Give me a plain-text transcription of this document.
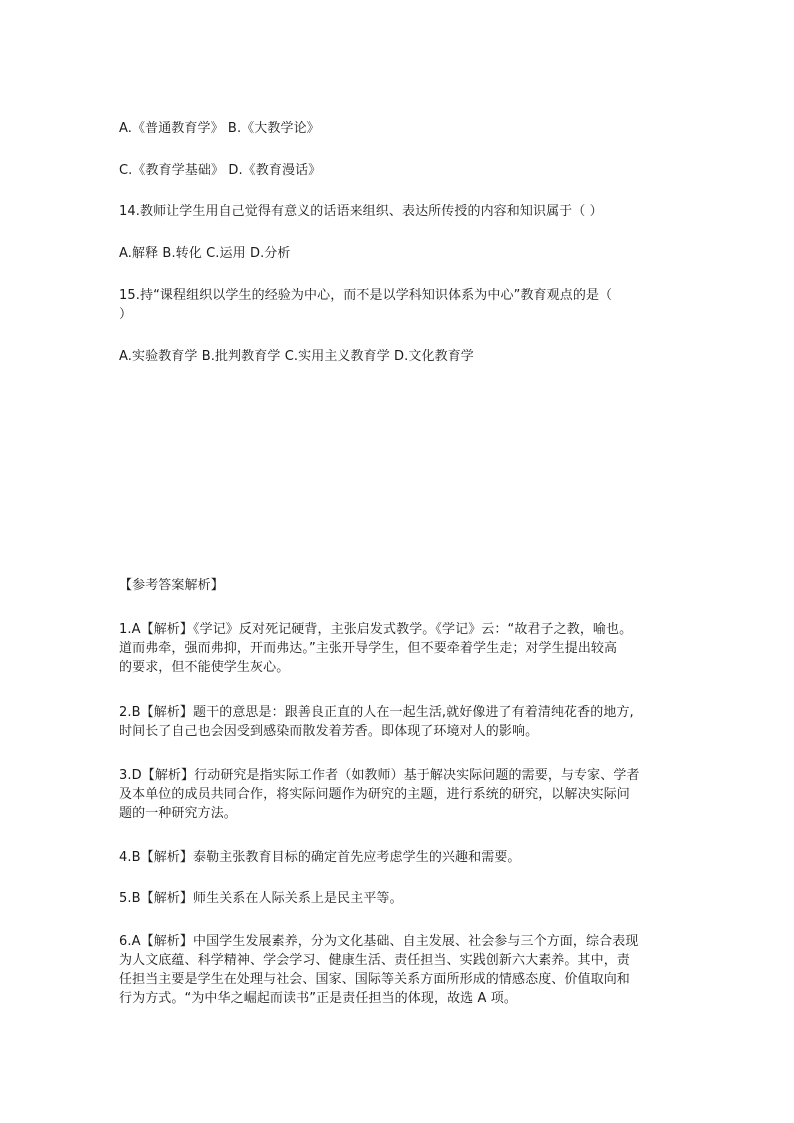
A.《普通教育学》 B.《大教学论》
C.《教育学基础》 D.《教育漫话》
14.教师让学生用自己觉得有意义的话语来组织、表达所传授的内容和知识属于（ ）
A.解释 B.转化 C.运用 D.分析
15.持“课程组织以学生的经验为中心，而不是以学科知识体系为中心”教育观点的是（
）
A.实验教育学 B.批判教育学 C.实用主义教育学 D.文化教育学
【参考答案解析】
1.A【解析】《学记》反对死记硬背，主张启发式教学。《学记》云：“故君子之教，喻也。
道而弗牵，强而弗抑，开而弗达。”主张开导学生，但不要牵着学生走；对学生提出较高
的要求，但不能使学生灰心。
2.B【解析】题干的意思是：跟善良正直的人在一起生活,就好像进了有着清纯花香的地方,
时间长了自己也会因受到感染而散发着芳香。即体现了环境对人的影响。
3.D【解析】行动研究是指实际工作者（如教师）基于解决实际问题的需要，与专家、学者
及本单位的成员共同合作，将实际问题作为研究的主题，进行系统的研究，以解决实际问
题的一种研究方法。
4.B【解析】泰勒主张教育目标的确定首先应考虑学生的兴趣和需要。
5.B【解析】师生关系在人际关系上是民主平等。
6.A【解析】中国学生发展素养，分为文化基础、自主发展、社会参与三个方面，综合表现
为人文底蕴、科学精神、学会学习、健康生活、责任担当、实践创新六大素养。其中，责
任担当主要是学生在处理与社会、国家、国际等关系方面所形成的情感态度、价值取向和
行为方式。“为中华之崛起而读书”正是责任担当的体现，故选 A 项。
